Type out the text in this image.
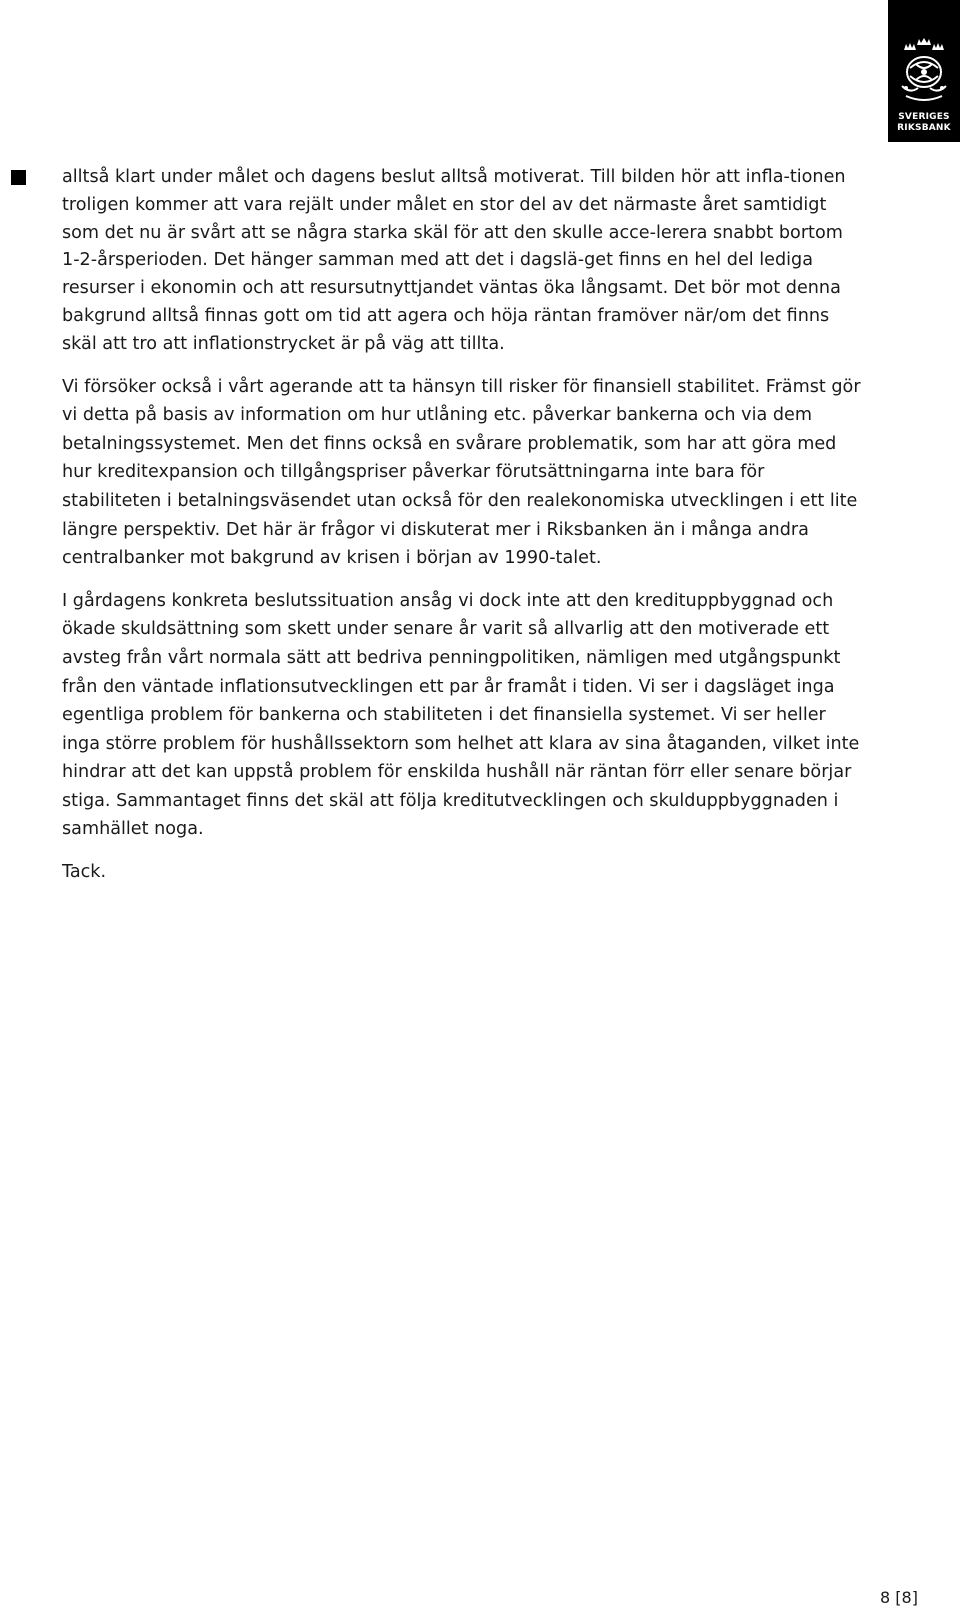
SVERIGES
RIKSBANK

alltså klart under målet och dagens beslut alltså motiverat. Till bilden hör att infla-tionen troligen kommer att vara rejält under målet en stor del av det närmaste året samtidigt som det nu är svårt att se några starka skäl för att den skulle acce-lerera snabbt bortom 1-2-årsperioden. Det hänger samman med att det i dagslä-get finns en hel del lediga resurser i ekonomin och att resursutnyttjandet väntas öka långsamt. Det bör mot denna bakgrund alltså finnas gott om tid att agera och höja räntan framöver när/om det finns skäl att tro att inflationstrycket är på väg att tillta.

Vi försöker också i vårt agerande att ta hänsyn till risker för finansiell stabilitet. Främst gör vi detta på basis av information om hur utlåning etc. påverkar bankerna och via dem betalningssystemet. Men det finns också en svårare problematik, som har att göra med hur kreditexpansion och tillgångspriser påverkar förutsättningarna inte bara för stabiliteten i betalningsväsendet utan också för den realekonomiska utvecklingen i ett lite längre perspektiv. Det här är frågor vi diskuterat mer i Riksbanken än i många andra centralbanker mot bakgrund av krisen i början av 1990-talet.

I gårdagens konkreta beslutssituation ansåg vi dock inte att den kredituppbyggnad och ökade skuldsättning som skett under senare år varit så allvarlig att den motiverade ett avsteg från vårt normala sätt att bedriva penningpolitiken, nämligen med utgångspunkt från den väntade inflationsutvecklingen ett par år framåt i tiden. Vi ser i dagsläget inga egentliga problem för bankerna och stabiliteten i det finansiella systemet. Vi ser heller inga större problem för hushållssektorn som helhet att klara av sina åtaganden, vilket inte hindrar att det kan uppstå problem för enskilda hushåll när räntan förr eller senare börjar stiga. Sammantaget finns det skäl att följa kreditutvecklingen och skulduppbyggnaden i samhället noga.

Tack.

8 [8]
